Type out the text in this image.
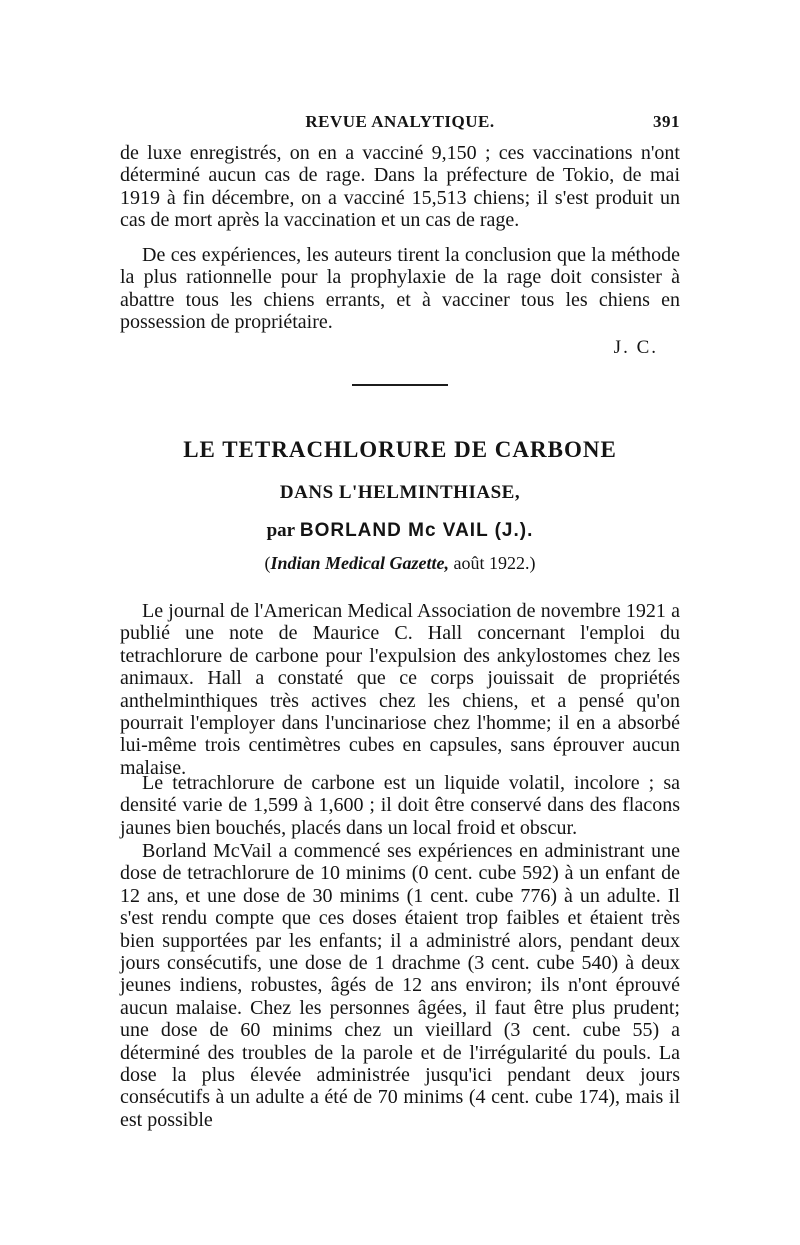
REVUE ANALYTIQUE.	391

de luxe enregistrés, on en a vacciné 9,150 ; ces vaccinations n'ont déterminé aucun cas de rage. Dans la préfecture de Tokio, de mai 1919 à fin décembre, on a vacciné 15,513 chiens; il s'est produit un cas de mort après la vaccination et un cas de rage.

De ces expériences, les auteurs tirent la conclusion que la méthode la plus rationnelle pour la prophylaxie de la rage doit consister à abattre tous les chiens errants, et à vacciner tous les chiens en possession de propriétaire.

J. C.
LE TETRACHLORURE DE CARBONE
DANS L'HELMINTHIASE,
par BORLAND Mc VAIL (J.).
(Indian Medical Gazette, août 1922.)

Le journal de l'American Medical Association de novembre 1921 a publié une note de Maurice C. Hall concernant l'emploi du tetrachlorure de carbone pour l'expulsion des ankylostomes chez les animaux. Hall a constaté que ce corps jouissait de propriétés anthelminthiques très actives chez les chiens, et a pensé qu'on pourrait l'employer dans l'uncinariose chez l'homme; il en a absorbé lui-même trois centimètres cubes en capsules, sans éprouver aucun malaise.

Le tetrachlorure de carbone est un liquide volatil, incolore ; sa densité varie de 1,599 à 1,600 ; il doit être conservé dans des flacons jaunes bien bouchés, placés dans un local froid et obscur.

Borland McVail a commencé ses expériences en administrant une dose de tetrachlorure de 10 minims (0 cent. cube 592) à un enfant de 12 ans, et une dose de 30 minims (1 cent. cube 776) à un adulte. Il s'est rendu compte que ces doses étaient trop faibles et étaient très bien supportées par les enfants; il a administré alors, pendant deux jours consécutifs, une dose de 1 drachme (3 cent. cube 540) à deux jeunes indiens, robustes, âgés de 12 ans environ; ils n'ont éprouvé aucun malaise. Chez les personnes âgées, il faut être plus prudent; une dose de 60 minims chez un vieillard (3 cent. cube 55) a déterminé des troubles de la parole et de l'irrégularité du pouls. La dose la plus élevée administrée jusqu'ici pendant deux jours consécutifs à un adulte a été de 70 minims (4 cent. cube 174), mais il est possible
